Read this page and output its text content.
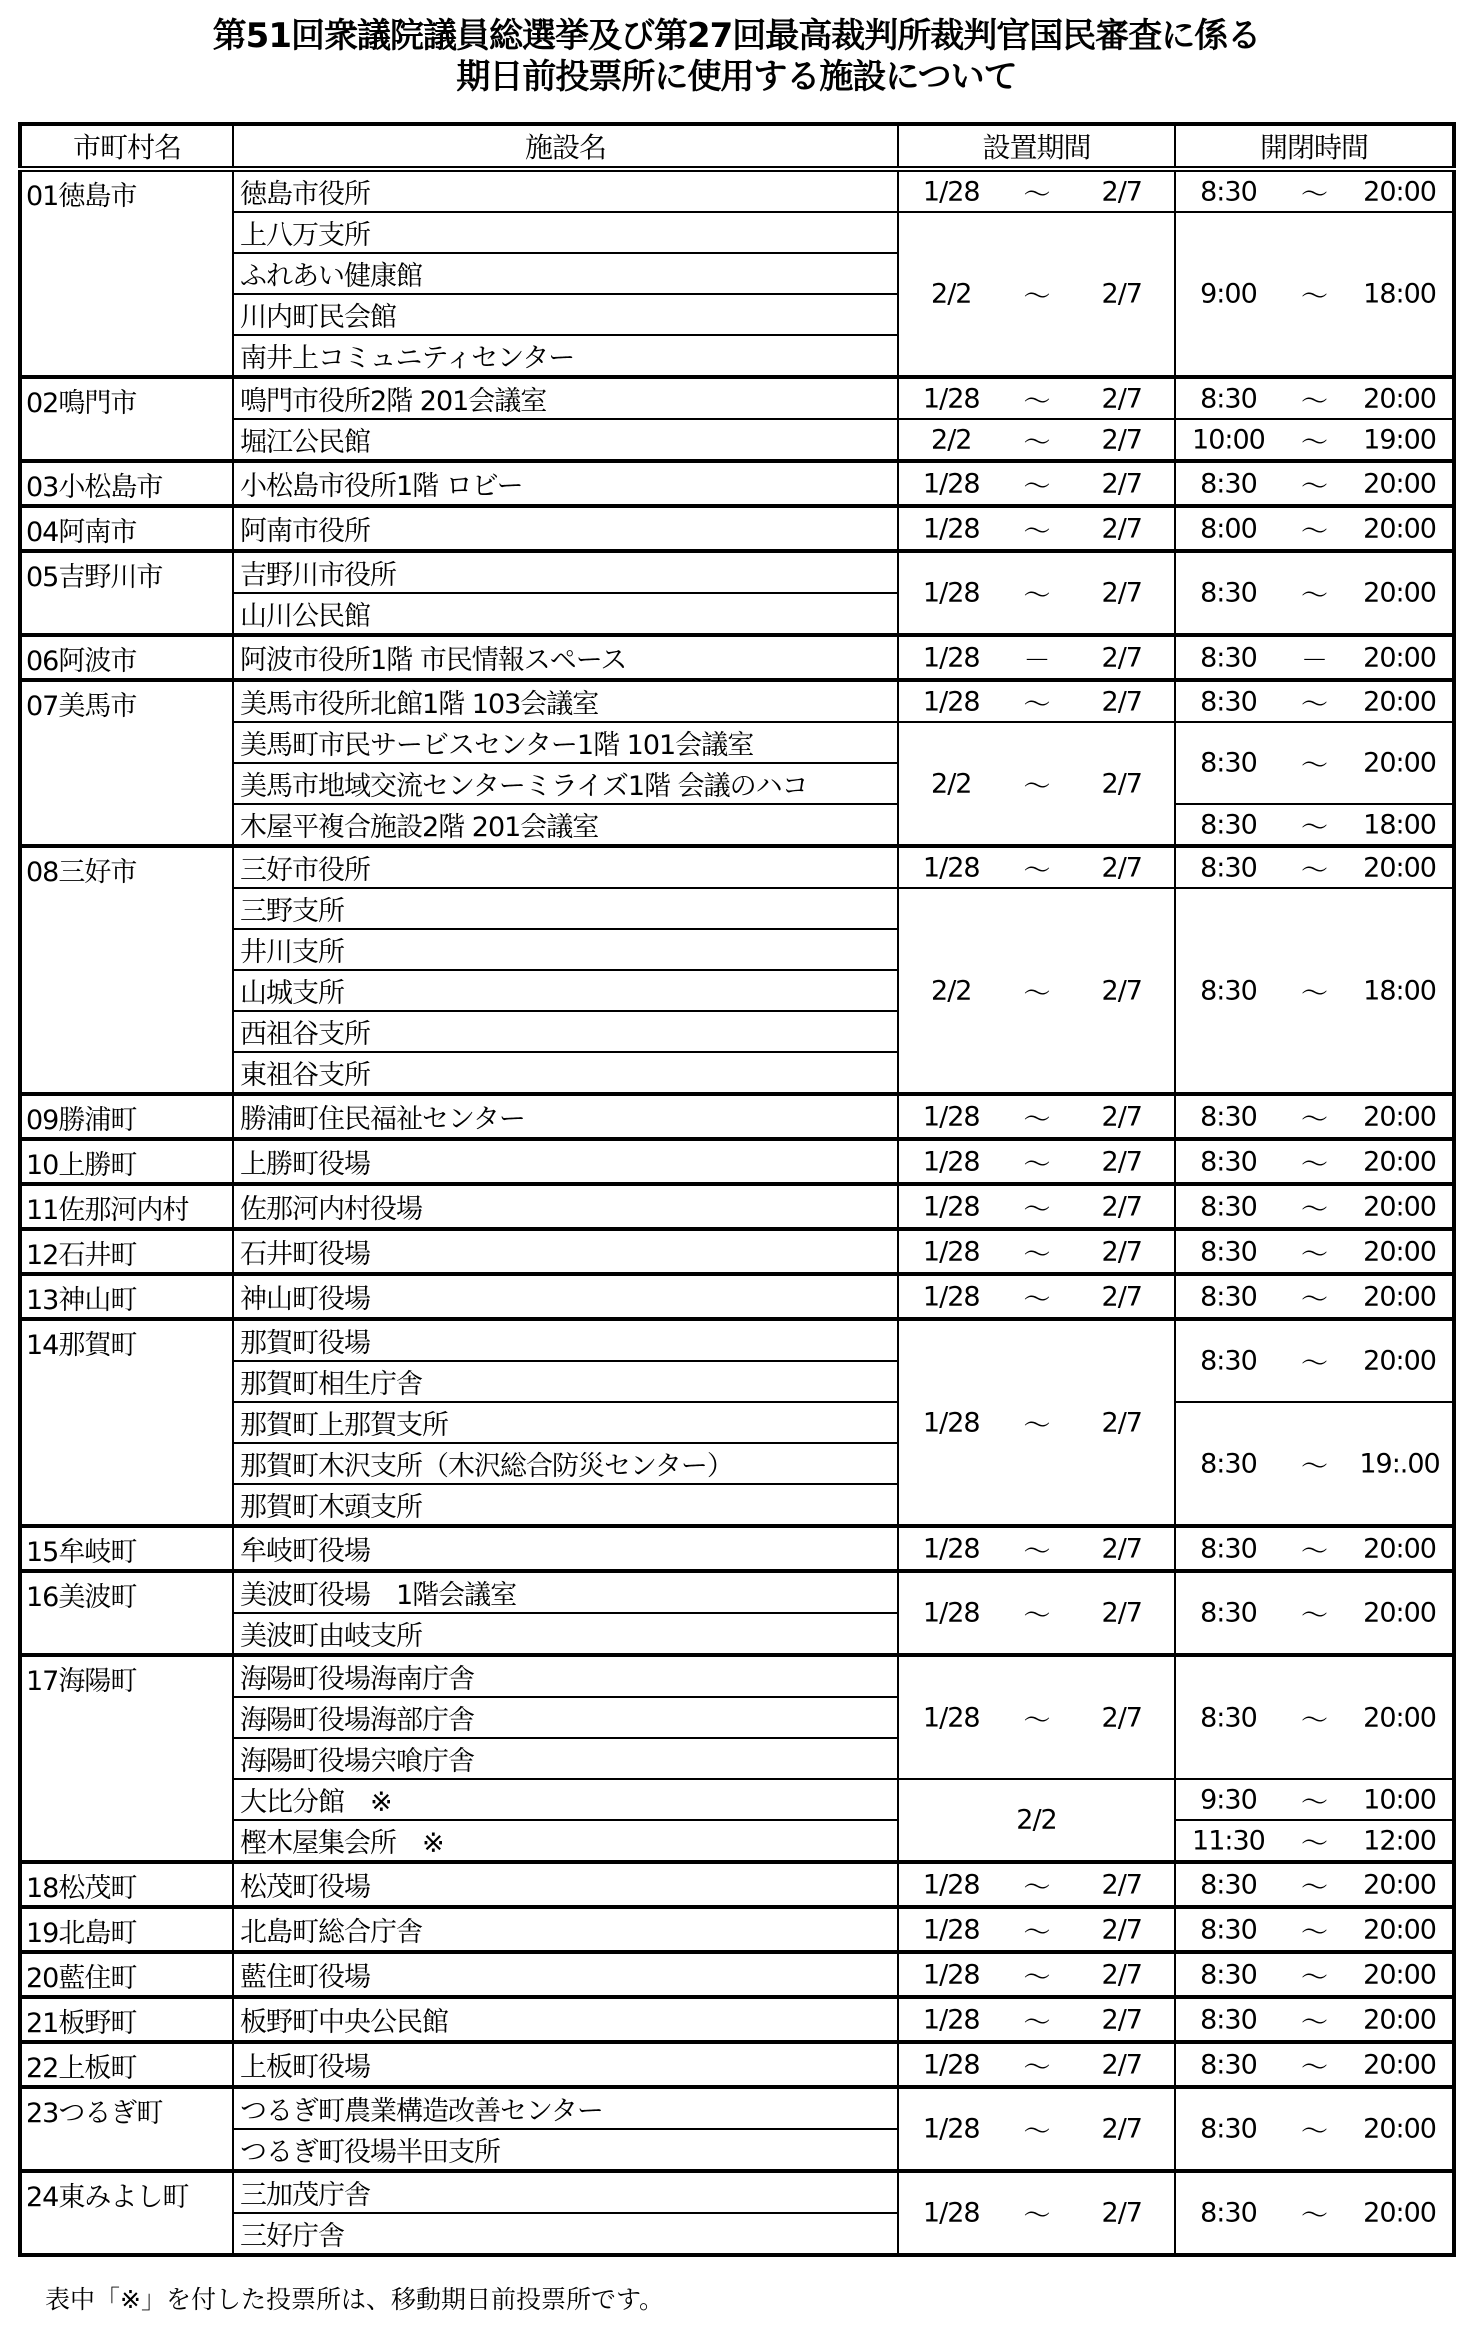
第51回衆議院議員総選挙及び第27回最高裁判所裁判官国民審査に係る
期日前投票所に使用する施設について
市町村名	施設名	設置期間	開閉時間
01徳島市	徳島市役所	1/28 ～ 2/7	8:30 ～ 20:00

	上八万支所	2/2 ～ 2/7	9:00 ～ 18:00

	ふれあい健康館		
	川内町民会館		
	南井上コミュニティセンター		
02鳴門市	鳴門市役所2階 201会議室	1/28 ～ 2/7	8:30 ～ 20:00

	堀江公民館	2/2 ～ 2/7	10:00 ～ 19:00

03小松島市	小松島市役所1階 ロビー	1/28 ～ 2/7	8:30 ～ 20:00

04阿南市	阿南市役所	1/28 ～ 2/7	8:00 ～ 20:00

05吉野川市	吉野川市役所	1/28 ～ 2/7	8:30 ～ 20:00

	山川公民館		
06阿波市	阿波市役所1階 市民情報スペース	1/28 － 2/7	8:30 － 20:00

07美馬市	美馬市役所北館1階 103会議室	1/28 ～ 2/7	8:30 ～ 20:00

	美馬町市民サービスセンター1階 101会議室	2/2 ～ 2/7	8:30 ～ 20:00

	美馬市地域交流センターミライズ1階 会議のハコ		
	木屋平複合施設2階 201会議室		8:30 ～ 18:00

08三好市	三好市役所	1/28 ～ 2/7	8:30 ～ 20:00

	三野支所	2/2 ～ 2/7	8:30 ～ 18:00

	井川支所		
	山城支所		
	西祖谷支所		
	東祖谷支所		
09勝浦町	勝浦町住民福祉センター	1/28 ～ 2/7	8:30 ～ 20:00

10上勝町	上勝町役場	1/28 ～ 2/7	8:30 ～ 20:00

11佐那河内村	佐那河内村役場	1/28 ～ 2/7	8:30 ～ 20:00

12石井町	石井町役場	1/28 ～ 2/7	8:30 ～ 20:00

13神山町	神山町役場	1/28 ～ 2/7	8:30 ～ 20:00

14那賀町	那賀町役場	1/28 ～ 2/7	8:30 ～ 20:00

	那賀町相生庁舎		
	那賀町上那賀支所		8:30 ～ 19:.00

	那賀町木沢支所（木沢総合防災センター）		
	那賀町木頭支所		
15牟岐町	牟岐町役場	1/28 ～ 2/7	8:30 ～ 20:00

16美波町	美波町役場　1階会議室	1/28 ～ 2/7	8:30 ～ 20:00

	美波町由岐支所		
17海陽町	海陽町役場海南庁舎	1/28 ～ 2/7	8:30 ～ 20:00

	海陽町役場海部庁舎		
	海陽町役場宍喰庁舎		
	大比分館　※	2/2	9:30 ～ 10:00

	樫木屋集会所　※		11:30 ～ 12:00

18松茂町	松茂町役場	1/28 ～ 2/7	8:30 ～ 20:00

19北島町	北島町総合庁舎	1/28 ～ 2/7	8:30 ～ 20:00

20藍住町	藍住町役場	1/28 ～ 2/7	8:30 ～ 20:00

21板野町	板野町中央公民館	1/28 ～ 2/7	8:30 ～ 20:00

22上板町	上板町役場	1/28 ～ 2/7	8:30 ～ 20:00

23つるぎ町	つるぎ町農業構造改善センター	1/28 ～ 2/7	8:30 ～ 20:00

	つるぎ町役場半田支所		
24東みよし町	三加茂庁舎	1/28 ～ 2/7	8:30 ～ 20:00

	三好庁舎		
表中「※」を付した投票所は、移動期日前投票所です。
